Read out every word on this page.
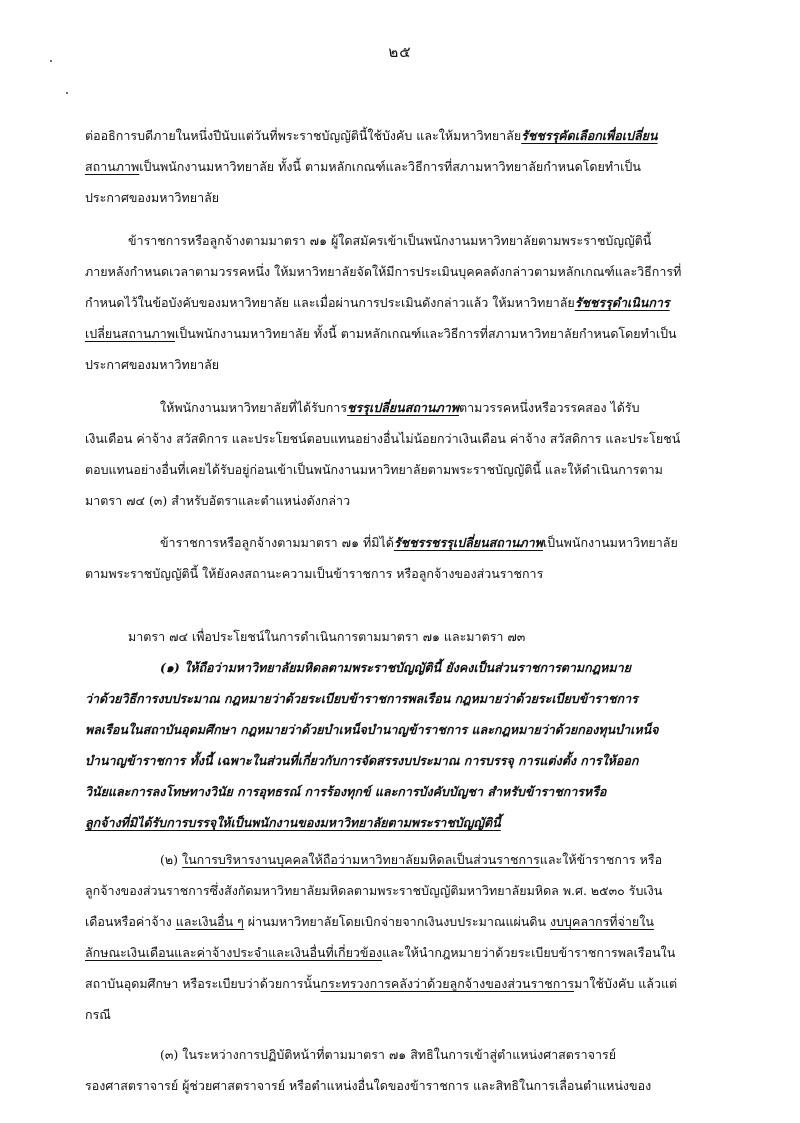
๒๕
ต่ออธิการบดีภายในหนึ่งปีนับแต่วันที่พระราชบัญญัตินี้ใช้บังคับ และให้มหาวิทยาลัยรัชชรรุคัดเลือกเพื่อเปลี่ยน
สถานภาพเป็นพนักงานมหาวิทยาลัย ทั้งนี้ ตามหลักเกณฑ์และวิธีการที่สภามหาวิทยาลัยกำหนดโดยทำเป็น
ประกาศของมหาวิทยาลัย
ข้าราชการหรือลูกจ้างตามมาตรา ๗๑ ผู้ใดสมัครเข้าเป็นพนักงานมหาวิทยาลัยตามพระราชบัญญัตินี้
ภายหลังกำหนดเวลาตามวรรคหนึ่ง ให้มหาวิทยาลัยจัดให้มีการประเมินบุคคลดังกล่าวตามหลักเกณฑ์และวิธีการที่
กำหนดไว้ในข้อบังคับของมหาวิทยาลัย และเมื่อผ่านการประเมินดังกล่าวแล้ว ให้มหาวิทยาลัยรัชชรรุดำเนินการ
เปลี่ยนสถานภาพเป็นพนักงานมหาวิทยาลัย ทั้งนี้ ตามหลักเกณฑ์และวิธีการที่สภามหาวิทยาลัยกำหนดโดยทำเป็น
ประกาศของมหาวิทยาลัย
ให้พนักงานมหาวิทยาลัยที่ได้รับการชรรุเปลี่ยนสถานภาพตามวรรคหนึ่งหรือวรรคสอง ได้รับ
เงินเดือน ค่าจ้าง สวัสดิการ และประโยชน์ตอบแทนอย่างอื่นไม่น้อยกว่าเงินเดือน ค่าจ้าง สวัสดิการ และประโยชน์
ตอบแทนอย่างอื่นที่เคยได้รับอยู่ก่อนเข้าเป็นพนักงานมหาวิทยาลัยตามพระราชบัญญัตินี้ และให้ดำเนินการตาม
มาตรา ๗๔ (๓) สำหรับอัตราและตำแหน่งดังกล่าว
ข้าราชการหรือลูกจ้างตามมาตรา ๗๑ ที่มิได้รัชชรรชรรุเปลี่ยนสถานภาพเป็นพนักงานมหาวิทยาลัย
ตามพระราชบัญญัตินี้ ให้ยังคงสถานะความเป็นข้าราชการ หรือลูกจ้างของส่วนราชการ
มาตรา ๗๔ เพื่อประโยชน์ในการดำเนินการตามมาตรา ๗๑ และมาตรา ๗๓
(๑) ให้ถือว่ามหาวิทยาลัยมหิดลตามพระราชบัญญัตินี้ ยังคงเป็นส่วนราชการตามกฎหมาย
ว่าด้วยวิธีการงบประมาณ กฎหมายว่าด้วยระเบียบข้าราชการพลเรือน กฎหมายว่าด้วยระเบียบข้าราชการ
พลเรือนในสถาบันอุดมศึกษา กฎหมายว่าด้วยบำเหน็จบำนาญข้าราชการ และกฎหมายว่าด้วยกองทุนบำเหน็จ
บำนาญข้าราชการ ทั้งนี้ เฉพาะในส่วนที่เกี่ยวกับการจัดสรรงบประมาณ การบรรจุ การแต่งตั้ง การให้ออก
วินัยและการลงโทษทางวินัย การอุทธรณ์ การร้องทุกข์ และการบังคับบัญชา สำหรับข้าราชการหรือ
ลูกจ้างที่มิได้รับการบรรจุให้เป็นพนักงานของมหาวิทยาลัยตามพระราชบัญญัตินี้
(๒) ในการบริหารงานบุคคลให้ถือว่ามหาวิทยาลัยมหิดลเป็นส่วนราชการและให้ข้าราชการ หรือ
ลูกจ้างของส่วนราชการซึ่งสังกัดมหาวิทยาลัยมหิดลตามพระราชบัญญัติมหาวิทยาลัยมหิดล พ.ศ. ๒๕๓๐ รับเงิน
เดือนหรือค่าจ้าง และเงินอื่น ๆ ผ่านมหาวิทยาลัยโดยเบิกจ่ายจากเงินงบประมาณแผ่นดิน งบบุคลากรที่จ่ายใน
ลักษณะเงินเดือนและค่าจ้างประจำและเงินอื่นที่เกี่ยวข้องและให้นำกฎหมายว่าด้วยระเบียบข้าราชการพลเรือนใน
สถาบันอุดมศึกษา หรือระเบียบว่าด้วยการนั้นกระทรวงการคลังว่าด้วยลูกจ้างของส่วนราชการมาใช้บังคับ แล้วแต่
กรณี
(๓) ในระหว่างการปฏิบัติหน้าที่ตามมาตรา ๗๑ สิทธิในการเข้าสู่ตำแหน่งศาสตราจารย์
รองศาสตราจารย์ ผู้ช่วยศาสตราจารย์ หรือตำแหน่งอื่นใดของข้าราชการ และสิทธิในการเลื่อนตำแหน่งของ
